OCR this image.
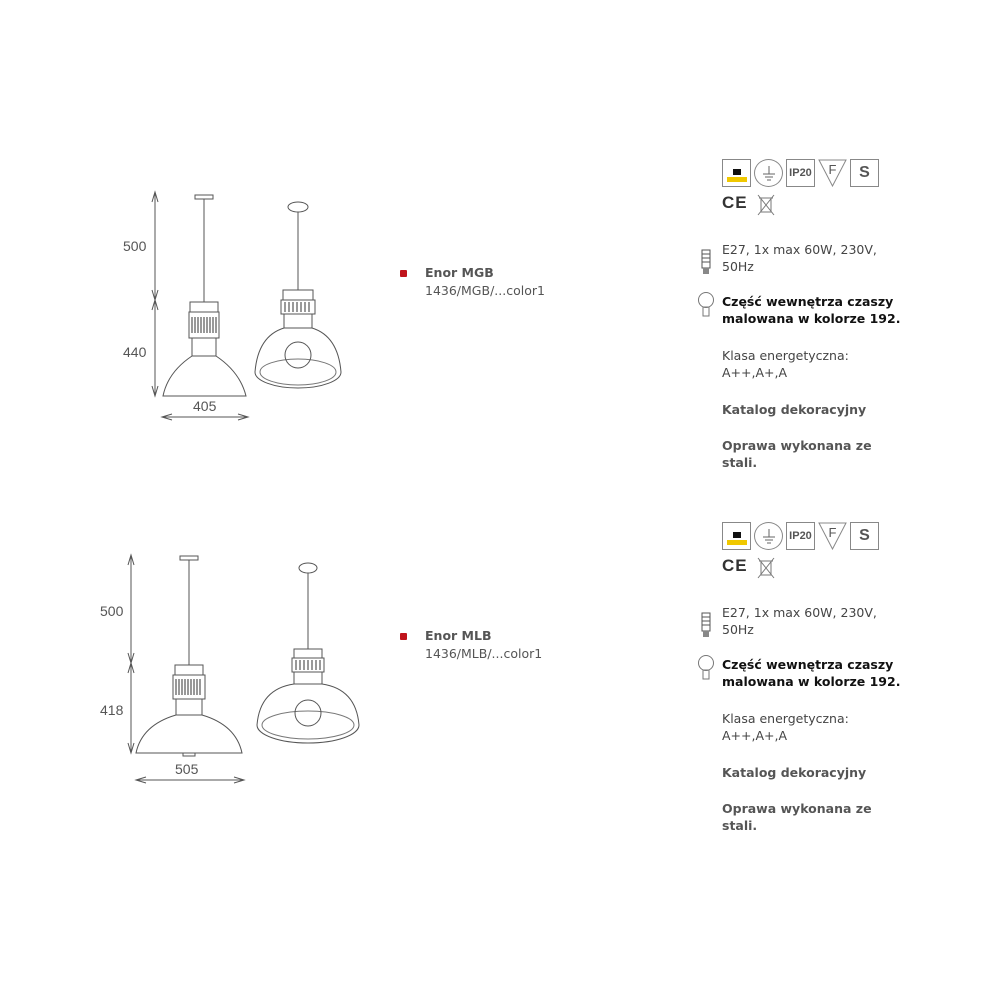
500
440
405
Enor MGB
1436/MGB/...color1
IP20 F	S
CE
E27, 1x max 60W, 230V, 50Hz
Część wewnętrza czaszy malowana w kolorze 192.
Klasa energetyczna:
A++,A+,A
Katalog dekoracyjny
Oprawa wykonana ze stali.
500
418
505
Enor MLB
1436/MLB/...color1
IP20 F	S
CE
E27, 1x max 60W, 230V, 50Hz
Część wewnętrza czaszy malowana w kolorze 192.
Klasa energetyczna:
A++,A+,A
Katalog dekoracyjny
Oprawa wykonana ze stali.
